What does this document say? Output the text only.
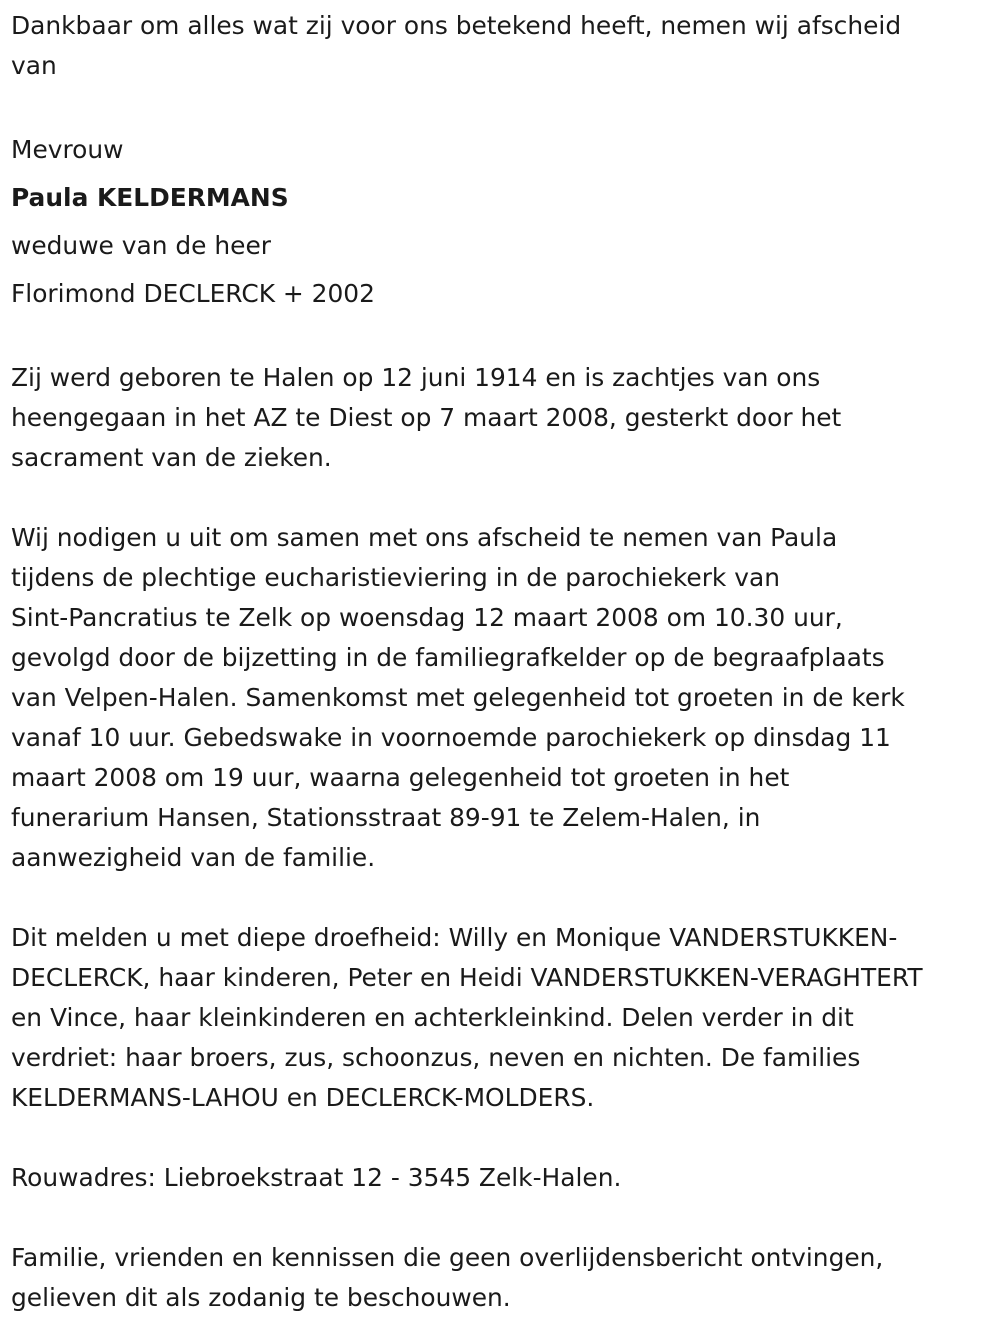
Dankbaar om alles wat zij voor ons betekend heeft, nemen wij afscheid
van
Mevrouw
Paula KELDERMANS
weduwe van de heer
Florimond DECLERCK + 2002
Zij werd geboren te Halen op 12 juni 1914 en is zachtjes van ons
heengegaan in het AZ te Diest op 7 maart 2008, gesterkt door het
sacrament van de zieken.
Wij nodigen u uit om samen met ons afscheid te nemen van Paula
tijdens de plechtige eucharistieviering in de parochiekerk van
Sint-Pancratius te Zelk op woensdag 12 maart 2008 om 10.30 uur,
gevolgd door de bijzetting in de familiegrafkelder op de begraafplaats
van Velpen-Halen. Samenkomst met gelegenheid tot groeten in de kerk
vanaf 10 uur. Gebedswake in voornoemde parochiekerk op dinsdag 11
maart 2008 om 19 uur, waarna gelegenheid tot groeten in het
funerarium Hansen, Stationsstraat 89-91 te Zelem-Halen, in
aanwezigheid van de familie.
Dit melden u met diepe droefheid: Willy en Monique VANDERSTUKKEN-
DECLERCK, haar kinderen, Peter en Heidi VANDERSTUKKEN-VERAGHTERT
en Vince, haar kleinkinderen en achterkleinkind. Delen verder in dit
verdriet: haar broers, zus, schoonzus, neven en nichten. De families
KELDERMANS-LAHOU en DECLERCK-MOLDERS.
Rouwadres: Liebroekstraat 12 - 3545 Zelk-Halen.
Familie, vrienden en kennissen die geen overlijdensbericht ontvingen,
gelieven dit als zodanig te beschouwen.
